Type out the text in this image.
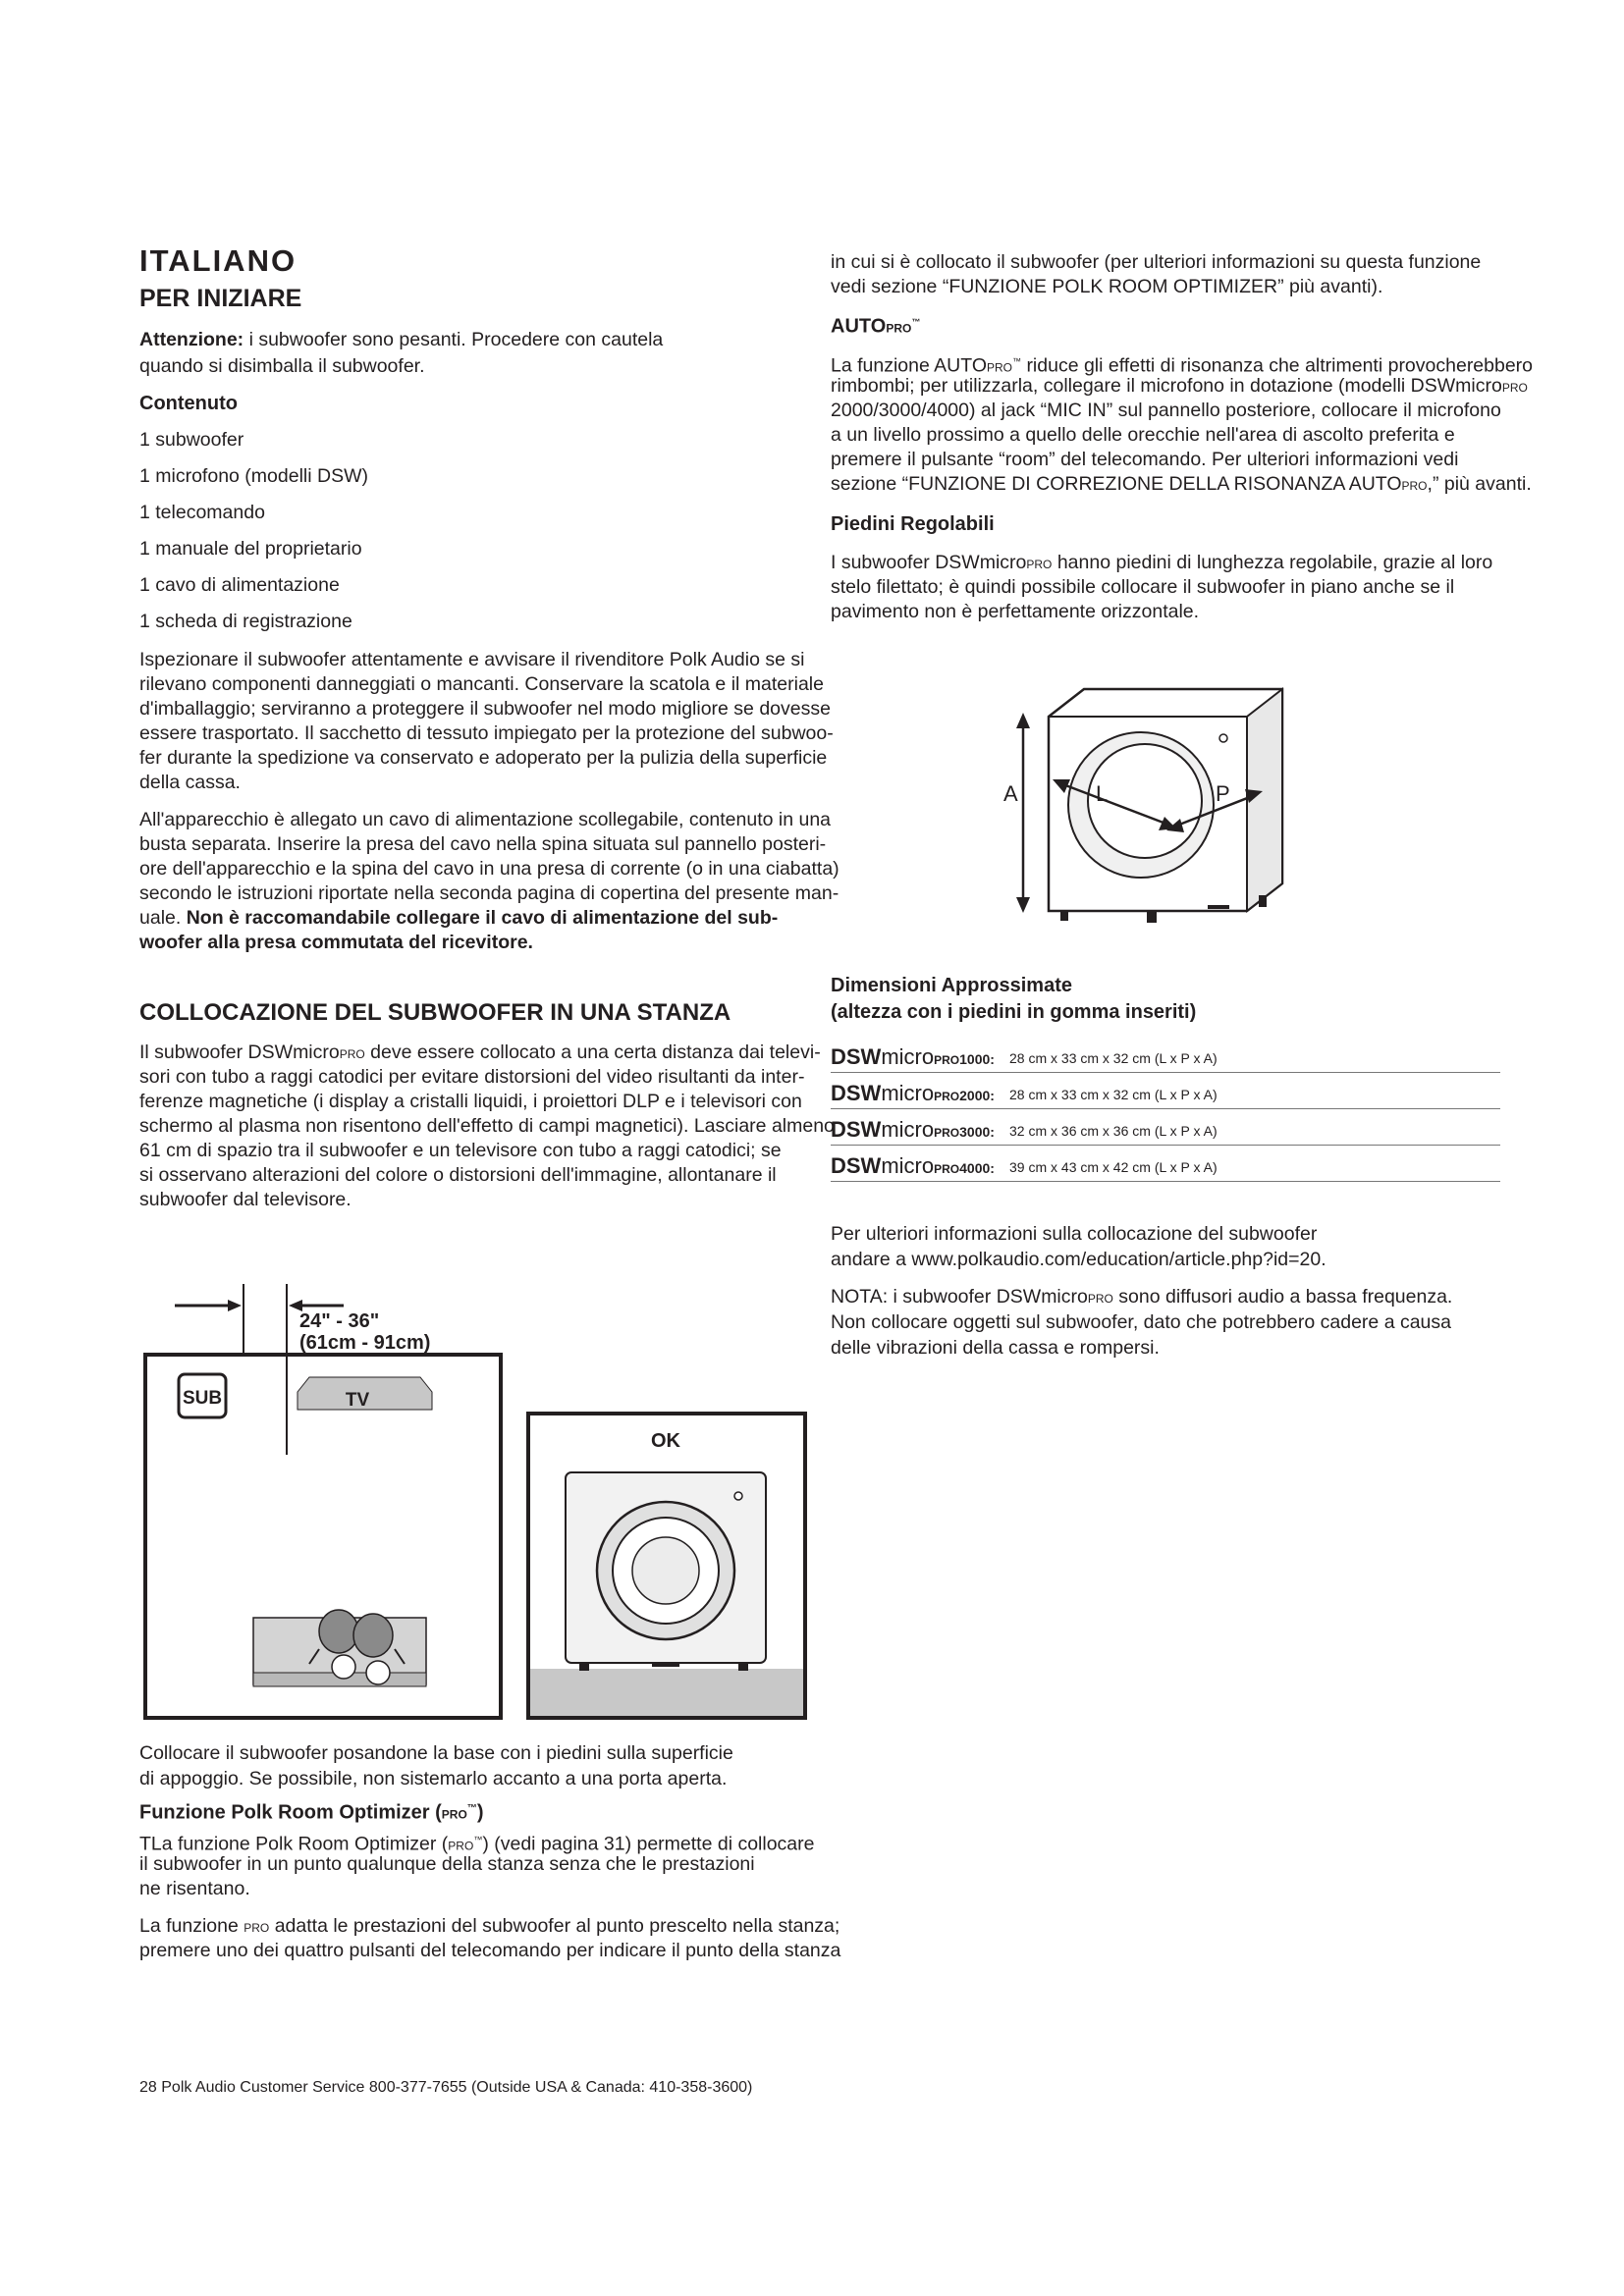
ITALIANO
PER INIZIARE
Attenzione: i subwoofer sono pesanti. Procedere con cautela
quando si disimballa il subwoofer.
Contenuto
1 subwoofer
1 microfono (modelli DSW)
1 telecomando
1 manuale del proprietario
1 cavo di alimentazione
1 scheda di registrazione
Ispezionare il subwoofer attentamente e avvisare il rivenditore Polk Audio se si
rilevano componenti danneggiati o mancanti. Conservare la scatola e il materiale
d'imballaggio; serviranno a proteggere il subwoofer nel modo migliore se dovesse
essere trasportato. Il sacchetto di tessuto impiegato per la protezione del subwoo-
fer durante la spedizione va conservato e adoperato per la pulizia della superficie
della cassa.
All'apparecchio è allegato un cavo di alimentazione scollegabile, contenuto in una
busta separata. Inserire la presa del cavo nella spina situata sul pannello posteri-
ore dell'apparecchio e la spina del cavo in una presa di corrente (o in una ciabatta)
secondo le istruzioni riportate nella seconda pagina di copertina del presente man-
uale. Non è raccomandabile collegare il cavo di alimentazione del sub-
woofer alla presa commutata del ricevitore.
COLLOCAZIONE DEL SUBWOOFER IN UNA STANZA
Il subwoofer DSWmicroPRO deve essere collocato a una certa distanza dai televi-
sori con tubo a raggi catodici per evitare distorsioni del video risultanti da inter-
ferenze magnetiche (i display a cristalli liquidi, i proiettori DLP e i televisori con
schermo al plasma non risentono dell'effetto di campi magnetici). Lasciare almeno
61 cm di spazio tra il subwoofer e un televisore con tubo a raggi catodici; se
si osservano alterazioni del colore o distorsioni dell'immagine, allontanare il
subwoofer dal televisore.
Collocare il subwoofer posandone la base con i piedini sulla superficie
di appoggio. Se possibile, non sistemarlo accanto a una porta aperta.
Funzione Polk Room Optimizer (PRO™)
TLa funzione Polk Room Optimizer (PRO™) (vedi pagina 31) permette di collocare
il subwoofer in un punto qualunque della stanza senza che le prestazioni
ne risentano.
La funzione PRO adatta le prestazioni del subwoofer al punto prescelto nella stanza;
premere uno dei quattro pulsanti del telecomando per indicare il punto della stanza
24" - 36"
(61cm - 91cm)
SUB	TV
OK
in cui si è collocato il subwoofer (per ulteriori informazioni su questa funzione
vedi sezione “FUNZIONE POLK ROOM OPTIMIZER” più avanti).
AUTOPRO™
La funzione AUTOPRO™ riduce gli effetti di risonanza che altrimenti provocherebbero
rimbombi; per utilizzarla, collegare il microfono in dotazione (modelli DSWmicroPRO
2000/3000/4000) al jack “MIC IN” sul pannello posteriore, collocare il microfono
a un livello prossimo a quello delle orecchie nell'area di ascolto preferita e
premere il pulsante “room” del telecomando. Per ulteriori informazioni vedi
sezione “FUNZIONE DI CORREZIONE DELLA RISONANZA AUTOPRO,” più avanti.
Piedini Regolabili
I subwoofer DSWmicroPRO hanno piedini di lunghezza regolabile, grazie al loro
stelo filettato; è quindi possibile collocare il subwoofer in piano anche se il
pavimento non è perfettamente orizzontale.
Dimensioni Approssimate
(altezza con i piedini in gomma inseriti)
DSWmicroPRO1000: 28 cm x 33 cm x 32 cm (L x P x A)
DSWmicroPRO2000: 28 cm x 33 cm x 32 cm (L x P x A)
DSWmicroPRO3000: 32 cm x 36 cm x 36 cm (L x P x A)
DSWmicroPRO4000: 39 cm x 43 cm x 42 cm (L x P x A)
Per ulteriori informazioni sulla collocazione del subwoofer
andare a www.polkaudio.com/education/article.php?id=20.
NOTA: i subwoofer DSWmicroPRO sono diffusori audio a bassa frequenza.
Non collocare oggetti sul subwoofer, dato che potrebbero cadere a causa
delle vibrazioni della cassa e rompersi.
A	L	P
28 Polk Audio Customer Service 800-377-7655 (Outside USA & Canada: 410-358-3600)
